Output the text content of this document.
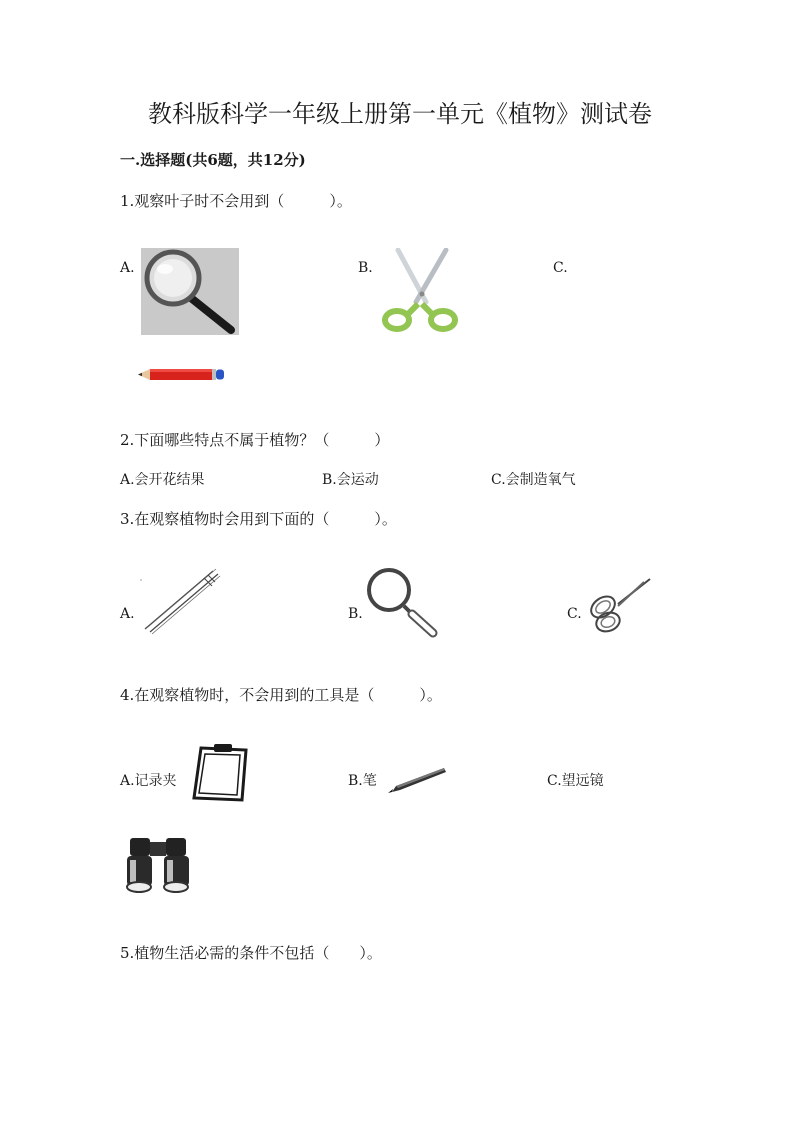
教科版科学一年级上册第一单元《植物》测试卷
一.选择题(共6题，共12分)
1.观察叶子时不会用到（　　　）。
A.	B.	C.
2.下面哪些特点不属于植物？（　　　）
A.会开花结果	B.会运动	C.会制造氧气
3.在观察植物时会用到下面的（　　　）。
A.	B.	C.
4.在观察植物时，不会用到的工具是（　　　）。
A.记录夹	B.笔	C.望远镜
5.植物生活必需的条件不包括（　　）。
